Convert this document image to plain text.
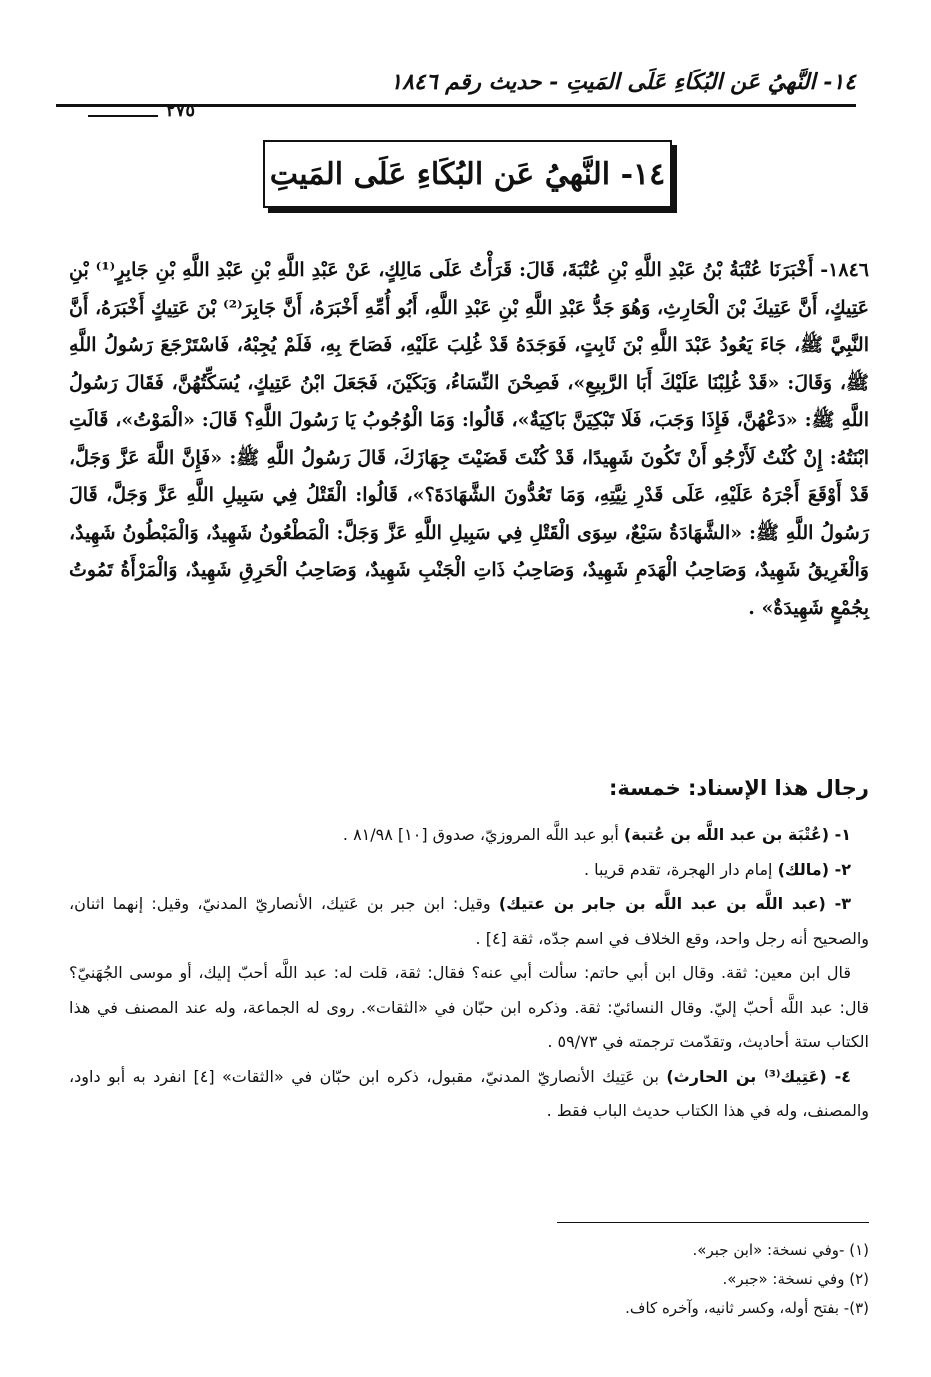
١٤- النَّهيُ عَن البُكَاءِ عَلَى المَيتِ - حديث رقم ١٨٤٦
٢٧٥
١٤- النَّهيُ عَن البُكَاءِ عَلَى المَيتِ
١٨٤٦- أَخْبَرَنَا عُتْبَةُ بْنُ عَبْدِ اللَّهِ بْنِ عُتْبَةَ، قَالَ: قَرَأْتُ عَلَى مَالِكٍ، عَنْ عَبْدِ اللَّهِ بْنِ عَبْدِ اللَّهِ بْنِ جَابِرٍ⁽¹⁾ بْنِ عَتِيكٍ، أَنَّ عَتِيكَ بْنَ الْحَارِثِ، وَهُوَ جَدُّ عَبْدِ اللَّهِ بْنِ عَبْدِ اللَّهِ، أَبُو أُمِّهِ أَخْبَرَهُ، أَنَّ جَابِرَ⁽²⁾ بْنَ عَتِيكٍ أَخْبَرَهُ، أَنَّ النَّبِيَّ ﷺ، جَاءَ يَعُودُ عَبْدَ اللَّهِ بْنَ ثَابِتٍ، فَوَجَدَهُ قَدْ غُلِبَ عَلَيْهِ، فَصَاحَ بِهِ، فَلَمْ يُجِبْهُ، فَاسْتَرْجَعَ رَسُولُ اللَّهِ ﷺ، وَقَالَ: «قَدْ غُلِبْنَا عَلَيْكَ أَبَا الرَّبِيعِ»، فَصِحْنَ النِّسَاءُ، وَبَكَيْنَ، فَجَعَلَ ابْنُ عَتِيكٍ، يُسَكِّتُهُنَّ، فَقَالَ رَسُولُ اللَّهِ ﷺ: «دَعْهُنَّ، فَإِذَا وَجَبَ، فَلَا تَبْكِيَنَّ بَاكِيَةٌ»، قَالُوا: وَمَا الْوُجُوبُ يَا رَسُولَ اللَّهِ؟ قَالَ: «الْمَوْتُ»، قَالَتِ ابْنَتُهُ: إِنْ كُنْتُ لَأَرْجُو أَنْ تَكُونَ شَهِيدًا، قَدْ كُنْتَ قَضَيْتَ جِهَازَكَ، قَالَ رَسُولُ اللَّهِ ﷺ: «فَإِنَّ اللَّهَ عَزَّ وَجَلَّ، قَدْ أَوْقَعَ أَجْرَهُ عَلَيْهِ، عَلَى قَدْرِ نِيَّتِهِ، وَمَا تَعُدُّونَ الشَّهَادَةَ؟»، قَالُوا: الْقَتْلُ فِي سَبِيلِ اللَّهِ عَزَّ وَجَلَّ، قَالَ رَسُولُ اللَّهِ ﷺ: «الشَّهَادَةُ سَبْعٌ، سِوَى الْقَتْلِ فِي سَبِيلِ اللَّهِ عَزَّ وَجَلَّ: الْمَطْعُونُ شَهِيدٌ، وَالْمَبْطُونُ شَهِيدٌ، وَالْغَرِيقُ شَهِيدٌ، وَصَاحِبُ الْهَدَمِ شَهِيدٌ، وَصَاحِبُ ذَاتِ الْجَنْبِ شَهِيدٌ، وَصَاحِبُ الْحَرِقِ شَهِيدٌ، وَالْمَرْأَةُ تَمُوتُ بِجُمْعٍ شَهِيدَةٌ» .
رجال هذا الإسناد: خمسة:

١- (عُتْبَة بن عبد اللَّه بن عُتبة) أبو عبد اللَّه المروزيّ، صدوق [١٠] ٨١/٩٨ .

٢- (مالك) إمام دار الهجرة، تقدم قريبا .

٣- (عبد اللَّه بن عبد اللَّه بن جابر بن عتيك) وقيل: ابن جبر بن عَتيك، الأنصاريّ المدنيّ، وقيل: إنهما اثنان، والصحيح أنه رجل واحد، وقع الخلاف في اسم جدّه، ثقة [٤] .

قال ابن معين: ثقة. وقال ابن أبي حاتم: سألت أبي عنه؟ فقال: ثقة، قلت له: عبد اللَّه أحبّ إليك، أو موسى الجُهَنيّ؟ قال: عبد اللَّه أحبّ إليّ. وقال النسائيّ: ثقة. وذكره ابن حبّان في «الثقات». روى له الجماعة، وله عند المصنف في هذا الكتاب ستة أحاديث، وتقدّمت ترجمته في ٥٩/٧٣ .

٤- (عَتِيك⁽³⁾ بن الحارث) بن عَتِيك الأنصاريّ المدنيّ، مقبول، ذكره ابن حبّان في «الثقات» [٤] انفرد به أبو داود، والمصنف، وله في هذا الكتاب حديث الباب فقط .

(١) -وفي نسخة: «ابن جبر».
(٢) وفي نسخة: «جبر».
(٣)- بفتح أوله، وكسر ثانيه، وآخره كاف.
